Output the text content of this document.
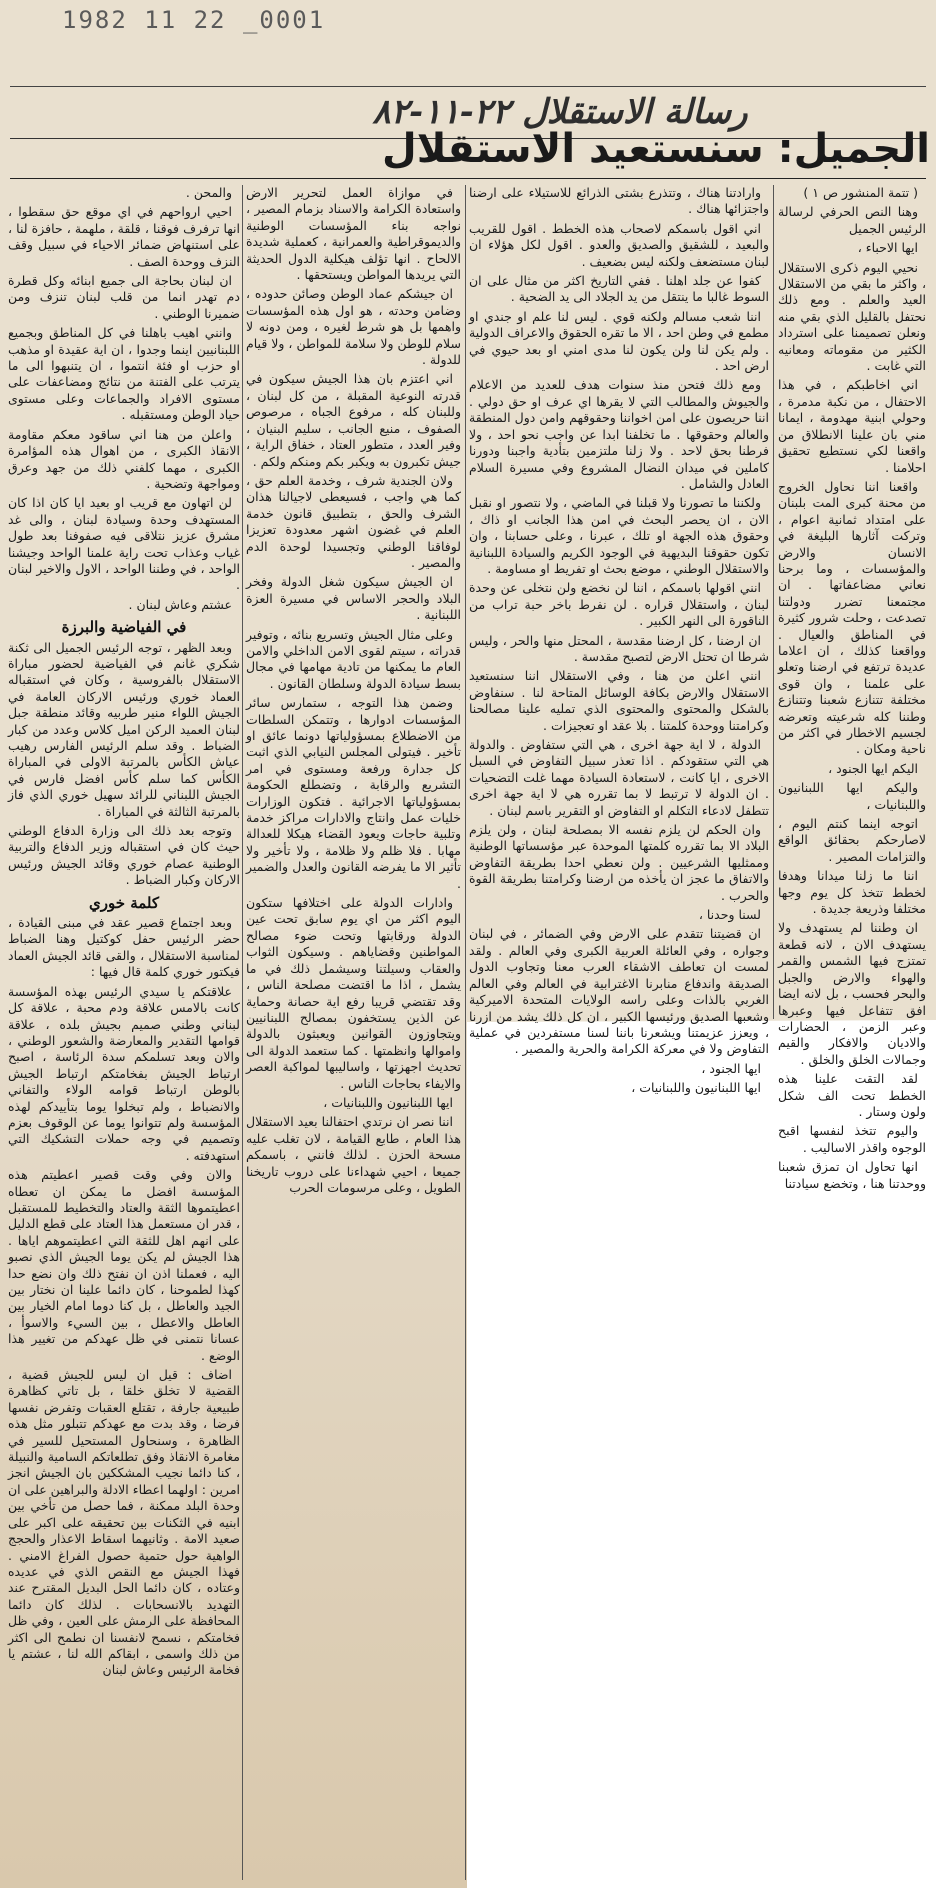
1982 11 22 _0001
رسالة الاستقلال ٢٢-١١-٨٢
الجميل: سنستعيد الاستقلال

( تتمة المنشور ص ١ )

وهنا النص الحرفي لرسالة الرئيس الجميل

ايها الاحباء ،

نحيي اليوم ذكرى الاستقلال ، واكثر ما بقي من الاستقلال العيد والعلم . ومع ذلك نحتفل بالقليل الذي بقي منه ونعلن تصميمنا على استرداد الكثير من مقوماته ومعانيه التي غابت .

اني اخاطبكم ، في هذا الاحتفال ، من نكبة مدمرة ، وحولي ابنية مهدومة ، ايمانا مني بان علينا الانطلاق من واقعنا لكي نستطيع تحقيق احلامنا .

واقعنا اننا نحاول الخروج من محنة كبرى المت بلبنان على امتداد ثمانية اعوام ، وتركت آثارها البليغة في الانسان والارض والمؤسسات ، وما برحنا نعاني مضاعفاتها . ان مجتمعنا تضرر ودولتنا تصدعت ، وحلت شرور كثيرة في المناطق والعيال . وواقعنا كذلك ، ان اعلاما عديدة ترتفع في ارضنا وتعلو على علمنا ، وان قوى مختلفة تتنازع شعبنا وتتنازع وطننا كله شرعيته وتعرضه لجسيم الاخطار في اكثر من ناحية ومكان .

اليكم ايها الجنود ،

واليكم ايها اللبنانيون واللبنانيات ،

اتوجه اينما كنتم اليوم ، لاصارحكم بحقائق الواقع والتزامات المصير .

اننا ما زلنا ميدانا وهدفا لخطط تتخذ كل يوم وجها مختلفا وذريعة جديدة .

ان وطننا لم يستهدف ولا يستهدف الان ، لانه قطعة تمتزج فيها الشمس والقمر والهواء والارض والجبل والبحر فحسب ، بل لانه ايضا افق تتفاعل فيها وعبرها وعبر الزمن ، الحضارات والاديان والافكار والقيم وجمالات الخلق والخلق .

لقد التقت علينا هذه الخطط تحت الف شكل ولون وستار .

واليوم تتخذ لنفسها اقبح الوجوه واقذر الاساليب .

انها تحاول ان تمزق شعبنا ووحدتنا هنا ، وتخضع سيادتنا

وارادتنا هناك ، وتتذرع بشتى الذرائع للاستيلاء على ارضنا واجتزائها هناك .

اني اقول باسمكم لاصحاب هذه الخطط . اقول للقريب والبعيد ، للشقيق والصديق والعدو . اقول لكل هؤلاء ان لبنان مستضعف ولكنه ليس بضعيف .

كفوا عن جلد اهلنا . ففي التاريخ اكثر من مثال على ان السوط غالبا ما ينتقل من يد الجلاد الى يد الضحية .

اننا شعب مسالم ولكنه قوي . ليس لنا علم او جندي او مطمع في وطن احد ، الا ما تقره الحقوق والاعراف الدولية . ولم يكن لنا ولن يكون لنا مدى امني او بعد حيوي في ارض احد .

ومع ذلك فتحن منذ سنوات هدف للعديد من الاعلام والجيوش والمطالب التي لا يقرها اي عرف او حق دولي . اننا حريصون على امن اخواننا وحقوقهم وامن دول المنطقة والعالم وحقوقها . ما تخلفنا ابدا عن واجب نحو احد ، ولا فرطنا بحق لاحد . ولا زلنا ملتزمين بتأدية واجبنا ودورنا كاملين في ميدان النضال المشروع وفي مسيرة السلام العادل والشامل .

ولكننا ما تصورنا ولا قبلنا في الماضي ، ولا نتصور او نقبل الان ، ان يحصر البحث في امن هذا الجانب او ذاك ، وحقوق هذه الجهة او تلك ، عبرنا ، وعلى حسابنا ، وان تكون حقوقنا البديهية في الوجود الكريم والسيادة اللبنانية والاستقلال الوطني ، موضع بحث او تفريط او مساومة .

انني اقولها باسمكم ، اننا لن نخضع ولن نتخلى عن وحدة لبنان ، واستقلال قراره . لن نفرط باخر حبة تراب من الناقورة الى النهر الكبير .

ان ارضنا ، كل ارضنا مقدسة ، المحتل منها والحر ، وليس شرطا ان تحتل الارض لتصبح مقدسة .

انني اعلن من هنا ، وفي الاستقلال اننا سنستعيد الاستقلال والارض بكافة الوسائل المتاحة لنا . سنفاوض بالشكل والمحتوى والمحتوى الذي تمليه علينا مصالحنا وكرامتنا ووحدة كلمتنا . بلا عقد او تعجيزات .

الدولة ، لا اية جهة اخرى ، هي التي ستفاوض . والدولة هي التي ستقودكم . اذا تعذر سبيل التفاوض في السبل الاخرى ، ايا كانت ، لاستعادة السيادة مهما غلت التضحيات . ان الدولة لا ترتبط لا بما تقرره هي لا اية جهة اخرى تتطفل لادعاء التكلم او التفاوض او التقرير باسم لبنان .

وان الحكم لن يلزم نفسه الا بمصلحة لبنان ، ولن يلزم البلاد الا بما تقرره كلمتها الموحدة عبر مؤسساتها الوطنية وممثليها الشرعيين . ولن نعطي احدا بطريقة التفاوض والاتفاق ما عجز ان يأخذه من ارضنا وكرامتنا بطريقة القوة والحرب .

لسنا وحدنا ،

ان قضيتنا تتقدم على الارض وفي الضمائر ، في لبنان وجواره ، وفي العائلة العربية الكبرى وفي العالم . ولقد لمست ان تعاطف الاشقاء العرب معنا وتجاوب الدول الصديقة واندفاع منابرنا الاغترابية في العالم وفي العالم الغربي بالذات وعلى راسه الولايات المتحدة الاميركية وشعبها الصديق ورئيسها الكبير ، ان كل ذلك يشد من ازرنا ، ويعزز عزيمتنا ويشعرنا باننا لسنا مستفردين في عملية التفاوض ولا في معركة الكرامة والحرية والمصير .

ايها الجنود ،

ايها اللبنانيون واللبنانيات ،

في موازاة العمل لتحرير الارض واستعادة الكرامة والاسناد بزمام المصير ، نواجه بناء المؤسسات الوطنية والديموقراطية والعمرانية ، كعملية شديدة الالحاح . انها تؤلف هيكلية الدول الحديثة التي يريدها المواطن ويستحقها .

ان جيشكم عماد الوطن وصائن حدوده ، وضامن وحدته ، هو اول هذه المؤسسات واهمها بل هو شرط لغيره ، ومن دونه لا سلام للوطن ولا سلامة للمواطن ، ولا قيام للدولة .

اني اعتزم بان هذا الجيش سيكون في قدرته النوعية المقبلة ، من كل لبنان ، وللبنان كله ، مرفوع الجباه ، مرصوص الصفوف ، منيع الجانب ، سليم البنيان ، وفير العدد ، متطور العتاد ، خفاق الراية ، جيش تكبرون به ويكبر بكم ومنكم ولكم .

ولان الجندية شرف ، وخدمة العلم حق ، كما هي واجب ، فسيعطى لاجيالنا هذان الشرف والحق ، بتطبيق قانون خدمة العلم في غضون اشهر معدودة تعزيزا لوفاقنا الوطني وتجسيدا لوحدة الدم والمصير .

ان الجيش سيكون شغل الدولة وفخر البلاد والحجر الاساس في مسيرة العزة اللبنانية .

وعلى مثال الجيش وتسريع بنائه ، وتوفير قدراته ، سيتم لقوى الامن الداخلي والامن العام ما يمكنها من تادية مهامها في مجال بسط سيادة الدولة وسلطان القانون .

وضمن هذا التوجه ، ستمارس سائر المؤسسات ادوارها ، وتتمكن السلطات من الاضطلاع بمسؤولياتها دونما عائق او تأخير . فيتولى المجلس النيابي الذي اثبت كل جدارة ورفعة ومستوى في امر التشريع والرقابة ، وتضطلع الحكومة بمسؤولياتها الاجرائية . فتكون الوزارات خليات عمل وانتاج والادارات مراكز خدمة وتلبية حاجات ويعود القضاء هيكلا للعدالة مهابا . فلا ظلم ولا ظلامة ، ولا تأخير ولا تأثير الا ما يفرضه القانون والعدل والضمير .

وادارات الدولة على اختلافها ستكون اليوم اكثر من اي يوم سابق تحت عين الدولة ورقابتها وتحت ضوء مصالح المواطنين وقضاياهم . وسيكون الثواب والعقاب وسيلتنا وسيشمل ذلك في ما يشمل ، اذا ما اقتضت مصلحة الناس ، وقد تقتضي قريبا رفع اية حصانة وحماية عن الذين يستخفون بمصالح اللبنانيين ويتجاوزون القوانين ويعبثون بالدولة واموالها وانظمتها . كما ستعمد الدولة الى تحديث اجهزتها ، واساليبها لمواكبة العصر والايفاء بحاجات الناس .

ايها اللبنانيون واللبنانيات ،

اننا نصر ان نرتدي احتفالنا بعيد الاستقلال هذا العام ، طابع القيامة ، لان تغلب عليه مسحة الحزن . لذلك فانني ، باسمكم جميعا ، احيي شهداءنا على دروب تاريخنا الطويل ، وعلى مرسومات الحرب

والمحن .

احيي ارواحهم في اي موقع حق سقطوا ، انها ترفرف فوقنا ، قلقة ، ملهمة ، حافزة لنا ، على استنهاض ضمائر الاحياء في سبيل وقف النزف ووحدة الصف .

ان لبنان بحاجة الى جميع ابنائه وكل قطرة دم تهدر انما من قلب لبنان تنزف ومن ضميرنا الوطني .

وانني اهيب باهلنا في كل المناطق وبجميع اللبنانيين اينما وجدوا ، ان اية عقيدة او مذهب او حزب او فئة انتموا ، ان يتنبهوا الى ما يترتب على الفتنة من نتائج ومضاعفات على مستوى الافراد والجماعات وعلى مستوى حياد الوطن ومستقبله .

واعلن من هنا اني ساقود معكم مقاومة الانقاذ الكبرى ، من اهوال هذه المؤامرة الكبرى ، مهما كلفني ذلك من جهد وعرق ومواجهة وتضحية .

لن اتهاون مع قريب او بعيد ايا كان اذا كان المستهدف وحدة وسيادة لبنان ، والى غد مشرق عزيز نتلاقى فيه صفوفنا بعد طول غياب وعذاب تحت راية علمنا الواحد وجيشنا الواحد ، في وطننا الواحد ، الاول والاخير لبنان .

عشتم وعاش لبنان .

في الفياضية والبرزة

وبعد الظهر ، توجه الرئيس الجميل الى ثكنة شكري غانم في الفياضية لحضور مباراة الاستقلال بالفروسية ، وكان في استقباله العماد خوري ورئيس الاركان العامة في الجيش اللواء منير طربيه وقائد منطقة جبل لبنان العميد الركن اميل كلاس وعدد من كبار الضباط . وقد سلم الرئيس الفارس رهيب عياش الكأس بالمرتبة الاولى في المباراة الكأس كما سلم كأس افضل فارس في الجيش اللبناني للرائد سهيل خوري الذي فاز بالمرتبة الثالثة في المباراة .

وتوجه بعد ذلك الى وزارة الدفاع الوطني حيث كان في استقباله وزير الدفاع والتربية الوطنية عصام خوري وقائد الجيش ورئيس الاركان وكبار الضباط .

كلمة خوري

وبعد اجتماع قصير عقد في مبنى القيادة ، حضر الرئيس حفل كوكتيل وهنا الضباط لمناسبة الاستقلال ، والقى قائد الجيش العماد فيكتور خوري كلمة قال فيها :

علاقتكم يا سيدي الرئيس بهذه المؤسسة كانت بالامس علاقة ودم محبة ، علاقة كل لبناني وطني صميم بجيش بلده ، علاقة قوامها التقدير والمعارضة والشعور الوطني ، والان وبعد تسلمكم سدة الرئاسة ، اصبح ارتباط الجيش بفخامتكم ارتباط الجيش بالوطن ارتباط قوامه الولاء والتفاني والانضباط ، ولم تبخلوا يوما بتأييدكم لهذه المؤسسة ولم تتوانوا يوما عن الوقوف بعزم وتصميم في وجه حملات التشكيك التي استهدفته .

والان وفي وقت قصير اعطيتم هذه المؤسسة افضل ما يمكن ان تعطاه اعطيتموها الثقة والعتاد والتخطيط للمستقبل ، قدر ان مستعمل هذا العتاد على قطع الدليل على انهم اهل للثقة التي اعطيتموهم اياها . هذا الجيش لم يكن يوما الجيش الذي نصبو اليه ، فعملنا اذن ان نفتح ذلك وان نضع حدا كهذا لطموحنا ، كان دائما علينا ان نختار بين الجيد والعاطل ، بل كنا دوما امام الخيار بين العاطل والاعطل ، بين السيء والاسوأ ، عسانا نتمنى في ظل عهدكم من تغيير هذا الوضع .

اضاف : قيل ان ليس للجيش قضية ، القضية لا تخلق خلقا ، بل تاتي كظاهرة طبيعية جارفة ، تقتلع العقبات وتفرض نفسها فرضا ، وقد بدت مع عهدكم تتبلور مثل هذه الظاهرة ، وسنحاول المستحيل للسير في مغامرة الانقاذ وفق تطلعاتكم السامية والنبيلة ، كنا دائما نجيب المشككين بان الجيش انجز امرين : اولهما اعطاء الادلة والبراهين على ان وحدة البلد ممكنة ، فما حصل من تأخي بين ابنيه في الثكنات بين تحقيقه على اكبر على صعيد الامة . وثانيهما اسقاط الاعذار والحجج الواهية حول حتمية حصول الفراغ الامني . فهذا الجيش مع النقص الذي في عديده وعتاده ، كان دائما الحل البديل المقترح عند التهديد بالانسحابات . لذلك كان دائما المحافظة على الرمش على العين ، وفي ظل فخامتكم ، نسمح لانفسنا ان نطمح الى اكثر من ذلك واسمى ، ابقاكم الله لنا ، عشتم يا فخامة الرئيس وعاش لبنان
